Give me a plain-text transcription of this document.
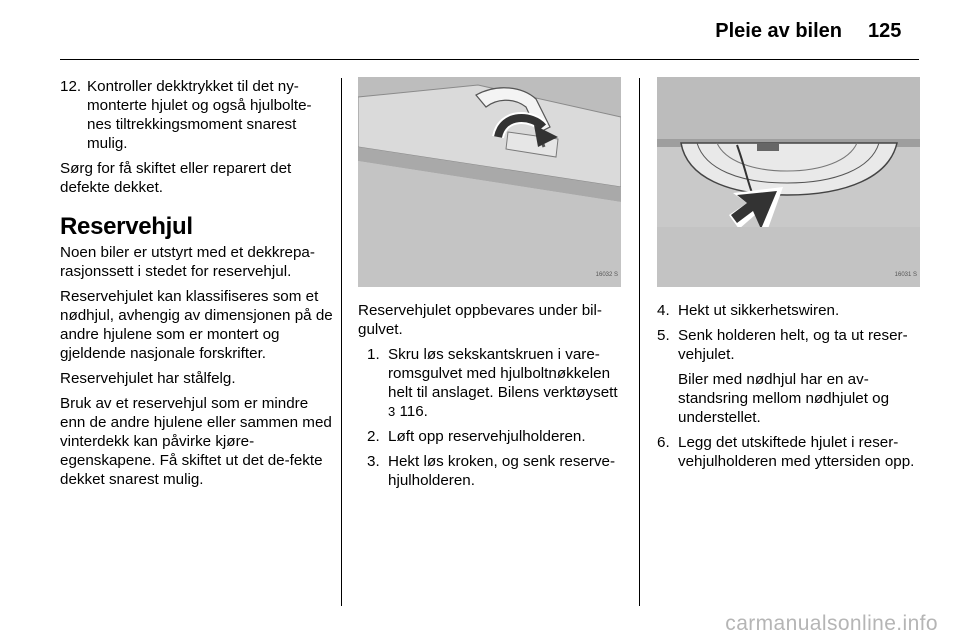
Pleie av bilen 125
12. Kontroller dekktrykket til det ny-monterte hjulet og også hjulbolte-nes tiltrekkingsmoment snarest mulig.

Sørg for få skiftet eller reparert det defekte dekket.

Reservehjul

Noen biler er utstyrt med et dekkrepa-rasjonssett i stedet for reservehjul.

Reservehjulet kan klassifiseres som et nødhjul, avhengig av dimensjonen på de andre hjulene som er montert og gjeldende nasjonale forskrifter.

Reservehjulet har stålfelg.

Bruk av et reservehjul som er mindre enn de andre hjulene eller sammen med vinterdekk kan påvirke kjøre-egenskapene. Få skiftet ut det de-fekte dekket snarest mulig.

16032 S

Reservehjulet oppbevares under bil-gulvet.

1. Skru løs sekskantskruen i vare-romsgulvet med hjulboltnøkkelen helt til anslaget. Bilens verktøysett
3 116.
2. Løft opp reservehjulholderen.
3. Hekt løs kroken, og senk reserve-hjulholderen.
16031 S
4. Hekt ut sikkerhetswiren.
5. Senk holderen helt, og ta ut reser-vehjulet.
Biler med nødhjul har en av-standsring mellom nødhjulet og understellet.
6. Legg det utskiftede hjulet i reser-vehjulholderen med yttersiden opp.
carmanualsonline.info
